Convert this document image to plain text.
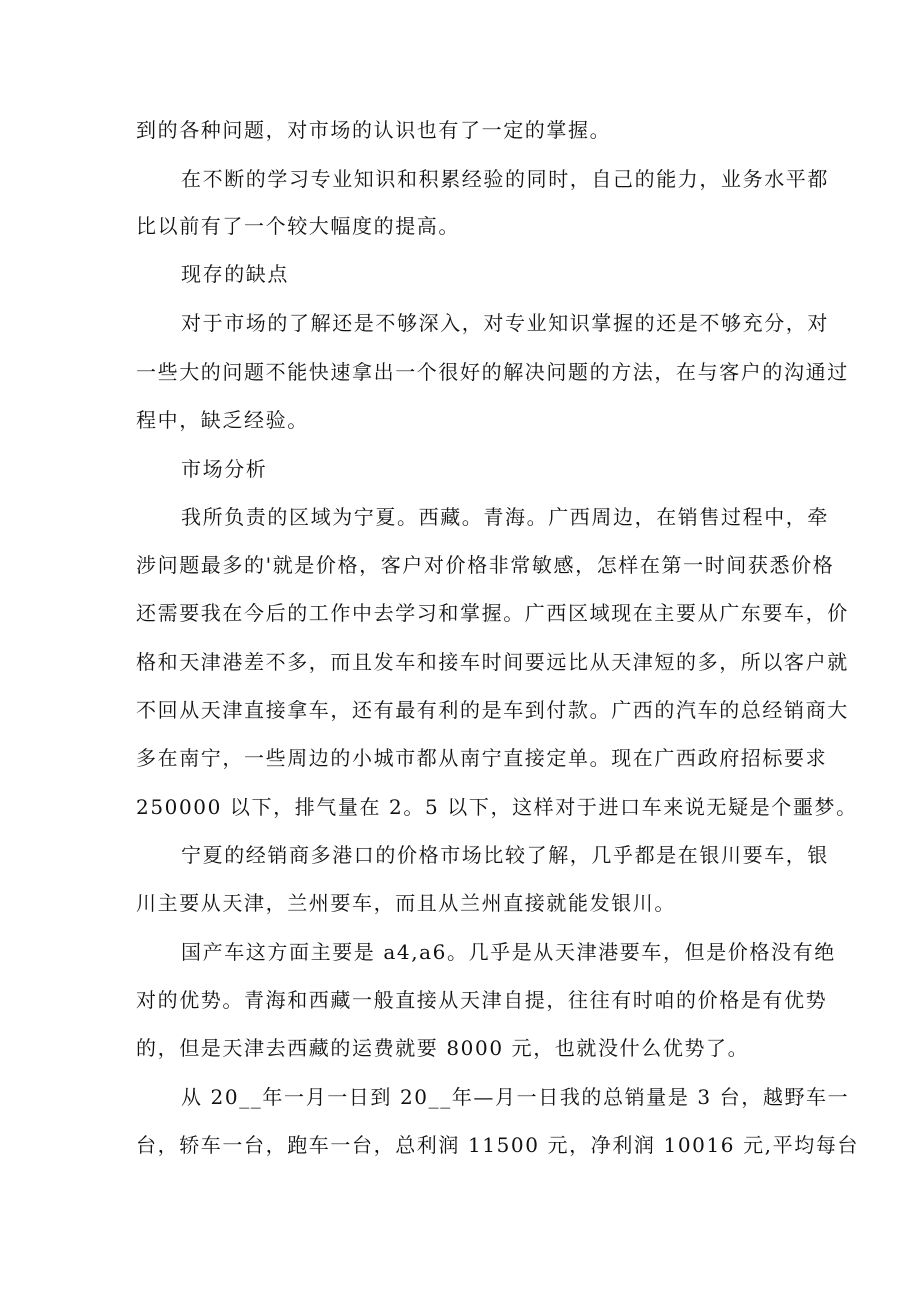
到的各种问题，对市场的认识也有了一定的掌握。
在不断的学习专业知识和积累经验的同时，自己的能力，业务水平都
比以前有了一个较大幅度的提高。
现存的缺点
对于市场的了解还是不够深入，对专业知识掌握的还是不够充分，对
一些大的问题不能快速拿出一个很好的解决问题的方法，在与客户的沟通过
程中，缺乏经验。
市场分析
我所负责的区域为宁夏。西藏。青海。广西周边，在销售过程中，牵
涉问题最多的'就是价格，客户对价格非常敏感，怎样在第一时间获悉价格
还需要我在今后的工作中去学习和掌握。广西区域现在主要从广东要车，价
格和天津港差不多，而且发车和接车时间要远比从天津短的多，所以客户就
不回从天津直接拿车，还有最有利的是车到付款。广西的汽车的总经销商大
多在南宁，一些周边的小城市都从南宁直接定单。现在广西政府招标要求
250000 以下，排气量在 2。5 以下，这样对于进口车来说无疑是个噩梦。
宁夏的经销商多港口的价格市场比较了解，几乎都是在银川要车，银
川主要从天津，兰州要车，而且从兰州直接就能发银川。
国产车这方面主要是 a4,a6。几乎是从天津港要车，但是价格没有绝
对的优势。青海和西藏一般直接从天津自提，往往有时咱的价格是有优势
的，但是天津去西藏的运费就要 8000 元，也就没什么优势了。
从 20__年一月一日到 20__年—月一日我的总销量是 3 台，越野车一
台，轿车一台，跑车一台，总利润 11500 元，净利润 10016 元,平均每台
